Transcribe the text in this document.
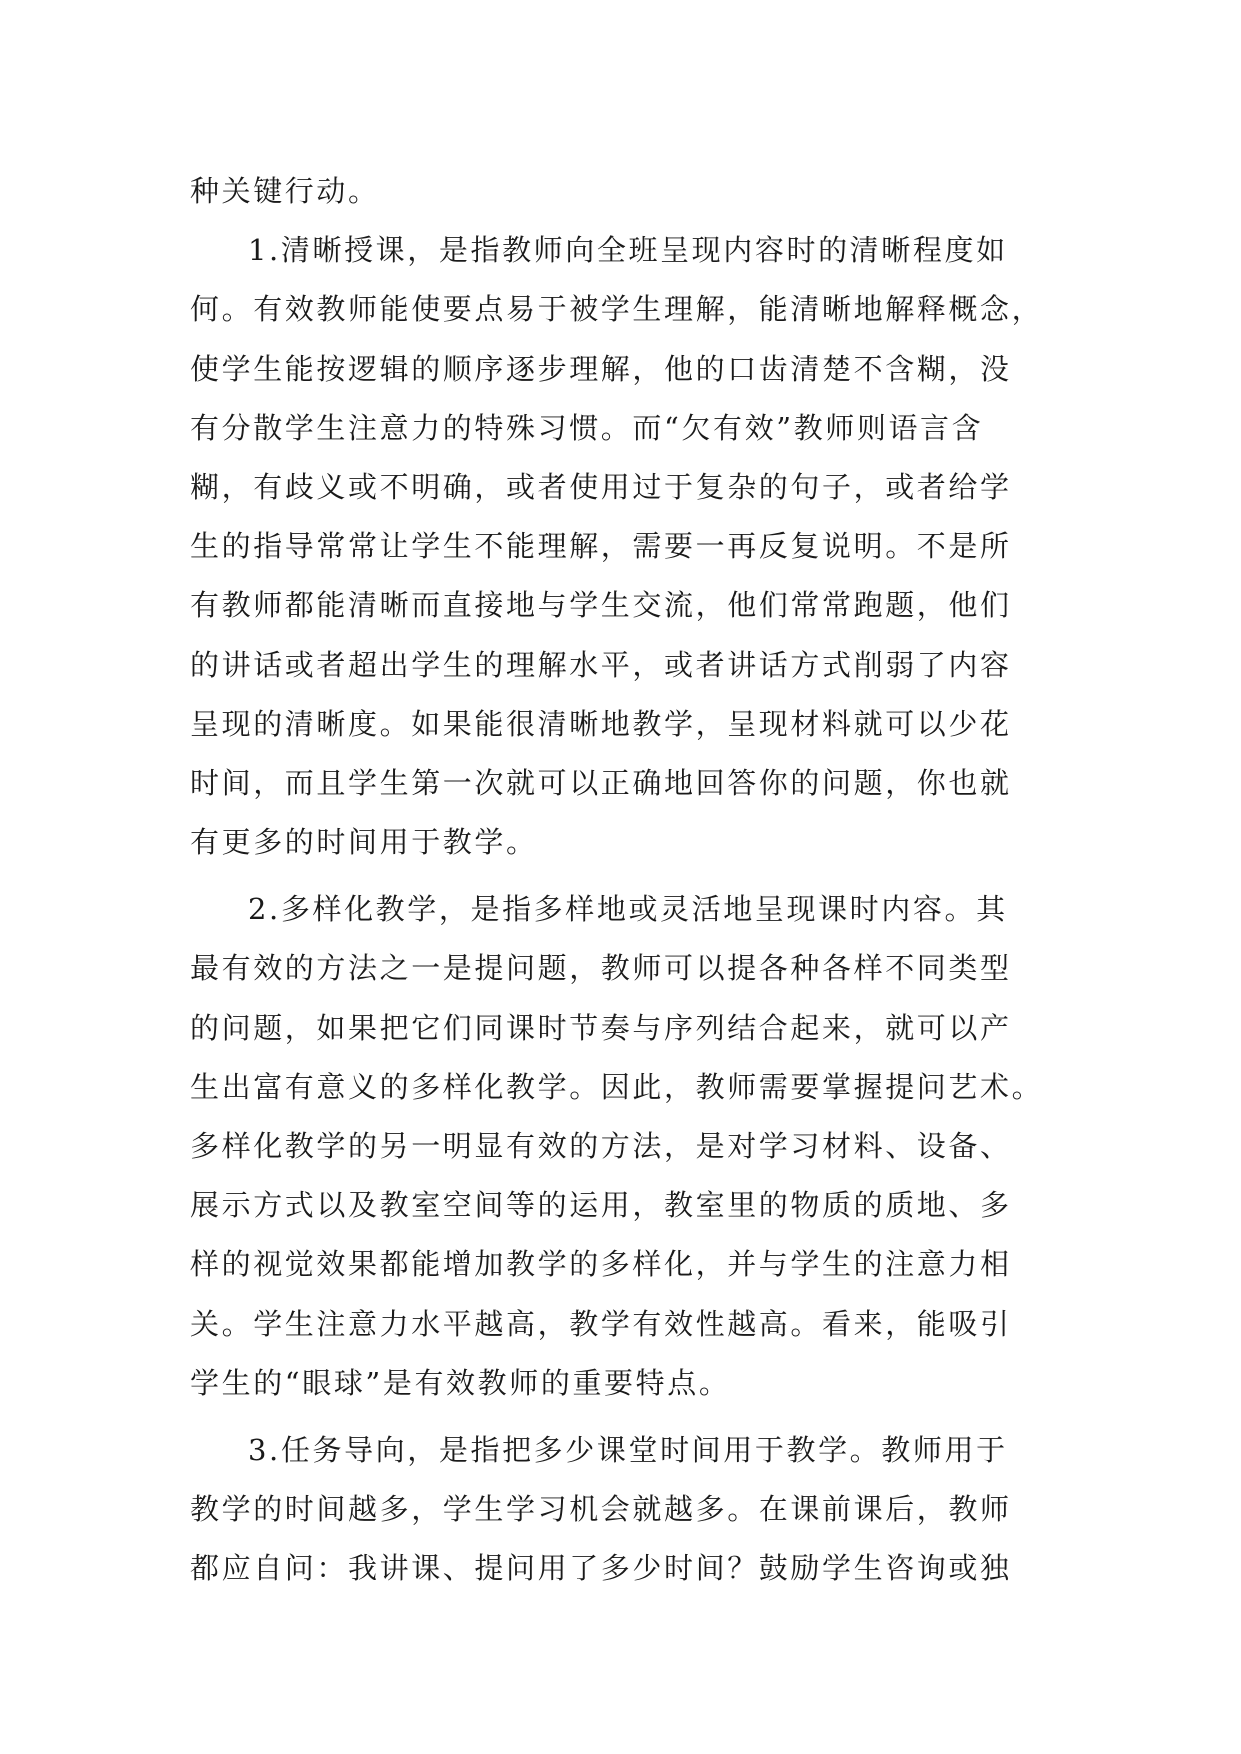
种关键行动。
1.清晰授课，是指教师向全班呈现内容时的清晰程度如
何。有效教师能使要点易于被学生理解，能清晰地解释概念，
使学生能按逻辑的顺序逐步理解，他的口齿清楚不含糊，没
有分散学生注意力的特殊习惯。而“欠有效”教师则语言含
糊，有歧义或不明确，或者使用过于复杂的句子，或者给学
生的指导常常让学生不能理解，需要一再反复说明。不是所
有教师都能清晰而直接地与学生交流，他们常常跑题，他们
的讲话或者超出学生的理解水平，或者讲话方式削弱了内容
呈现的清晰度。如果能很清晰地教学，呈现材料就可以少花
时间，而且学生第一次就可以正确地回答你的问题，你也就
有更多的时间用于教学。
2.多样化教学，是指多样地或灵活地呈现课时内容。其
最有效的方法之一是提问题，教师可以提各种各样不同类型
的问题，如果把它们同课时节奏与序列结合起来，就可以产
生出富有意义的多样化教学。因此，教师需要掌握提问艺术。
多样化教学的另一明显有效的方法，是对学习材料、设备、
展示方式以及教室空间等的运用，教室里的物质的质地、多
样的视觉效果都能增加教学的多样化，并与学生的注意力相
关。学生注意力水平越高，教学有效性越高。看来，能吸引
学生的“眼球”是有效教师的重要特点。
3.任务导向，是指把多少课堂时间用于教学。教师用于
教学的时间越多，学生学习机会就越多。在课前课后，教师
都应自问：我讲课、提问用了多少时间？鼓励学生咨询或独
